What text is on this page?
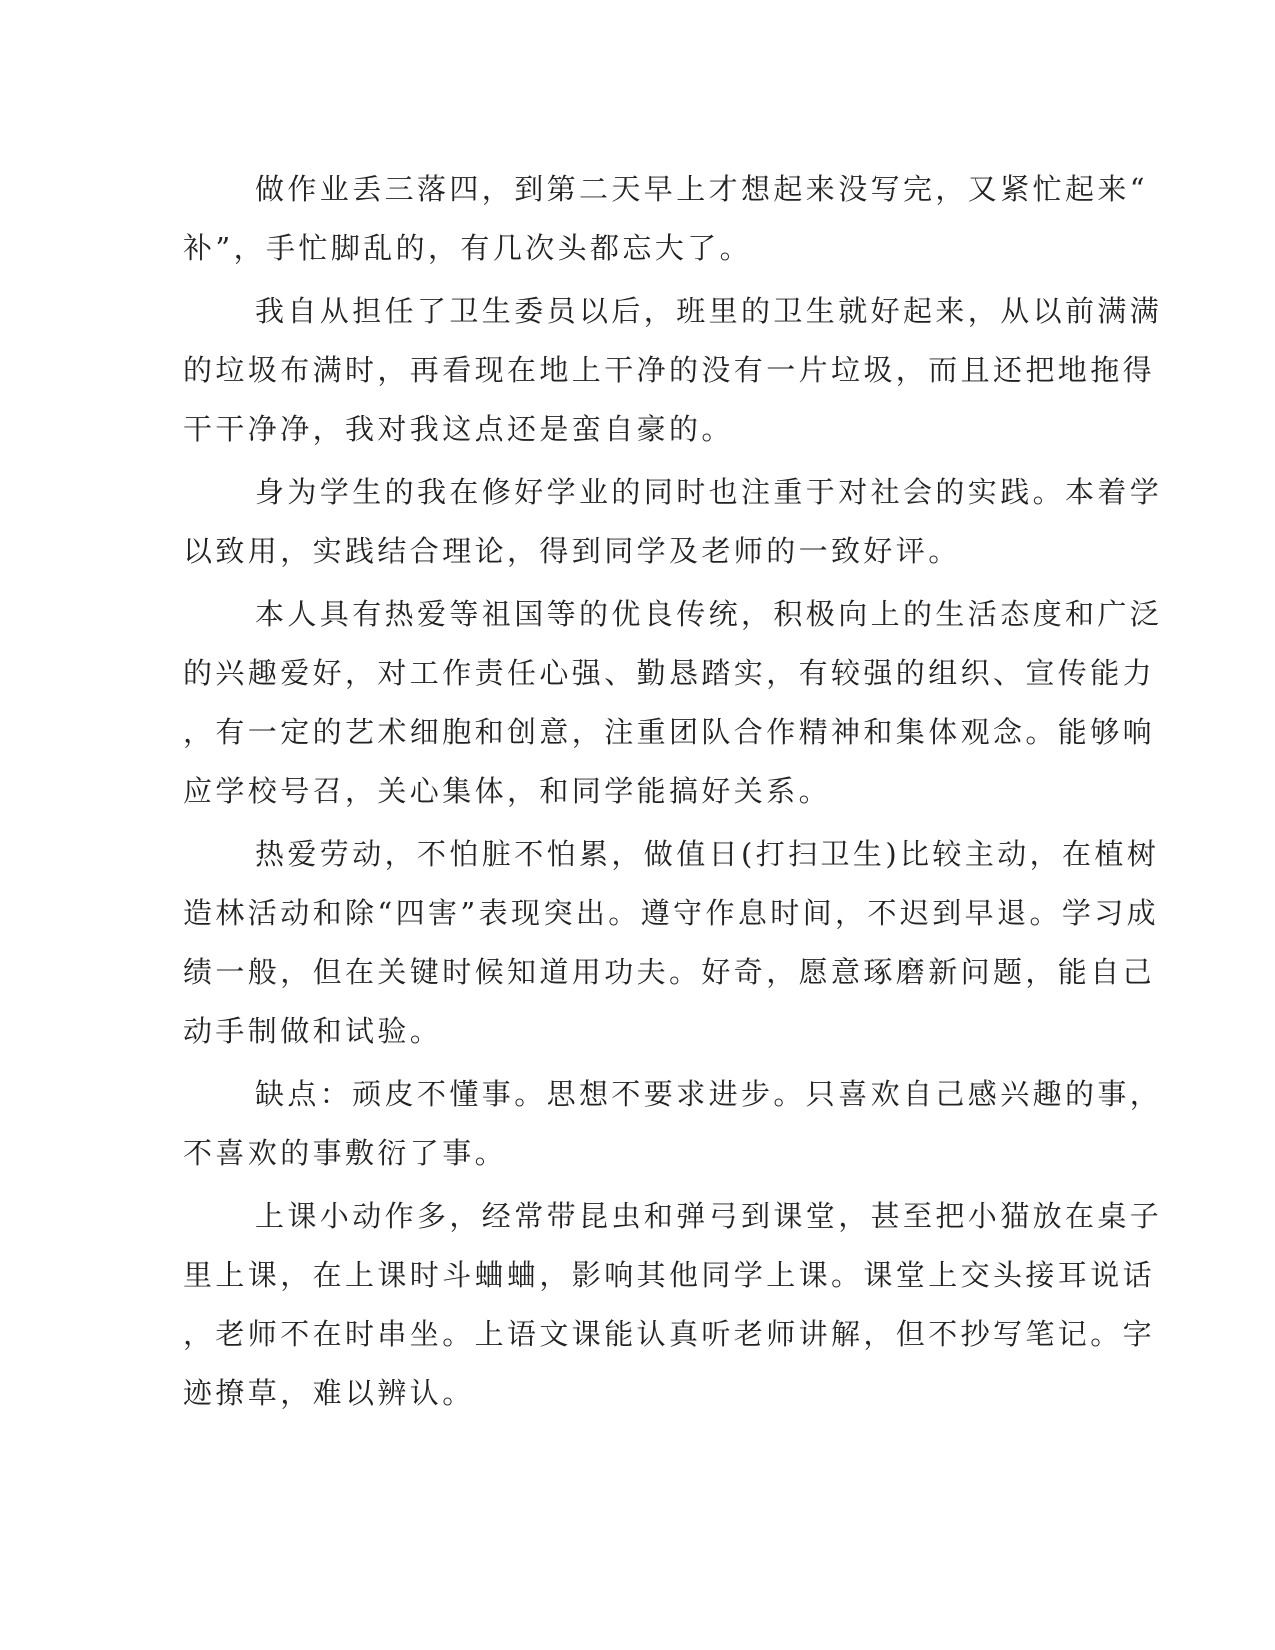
做作业丢三落四，到第二天早上才想起来没写完，又紧忙起来“
补”，手忙脚乱的，有几次头都忘大了。
我自从担任了卫生委员以后，班里的卫生就好起来，从以前满满
的垃圾布满时，再看现在地上干净的没有一片垃圾，而且还把地拖得
干干净净，我对我这点还是蛮自豪的。
身为学生的我在修好学业的同时也注重于对社会的实践。本着学
以致用，实践结合理论，得到同学及老师的一致好评。
本人具有热爱等祖国等的优良传统，积极向上的生活态度和广泛
的兴趣爱好，对工作责任心强、勤恳踏实，有较强的组织、宣传能力
，有一定的艺术细胞和创意，注重团队合作精神和集体观念。能够响
应学校号召，关心集体，和同学能搞好关系。
热爱劳动，不怕脏不怕累，做值日(打扫卫生)比较主动，在植树
造林活动和除“四害”表现突出。遵守作息时间，不迟到早退。学习成
绩一般，但在关键时候知道用功夫。好奇，愿意琢磨新问题，能自己
动手制做和试验。
缺点：顽皮不懂事。思想不要求进步。只喜欢自己感兴趣的事，
不喜欢的事敷衍了事。
上课小动作多，经常带昆虫和弹弓到课堂，甚至把小猫放在桌子
里上课，在上课时斗蛐蛐，影响其他同学上课。课堂上交头接耳说话
，老师不在时串坐。上语文课能认真听老师讲解，但不抄写笔记。字
迹撩草，难以辨认。
